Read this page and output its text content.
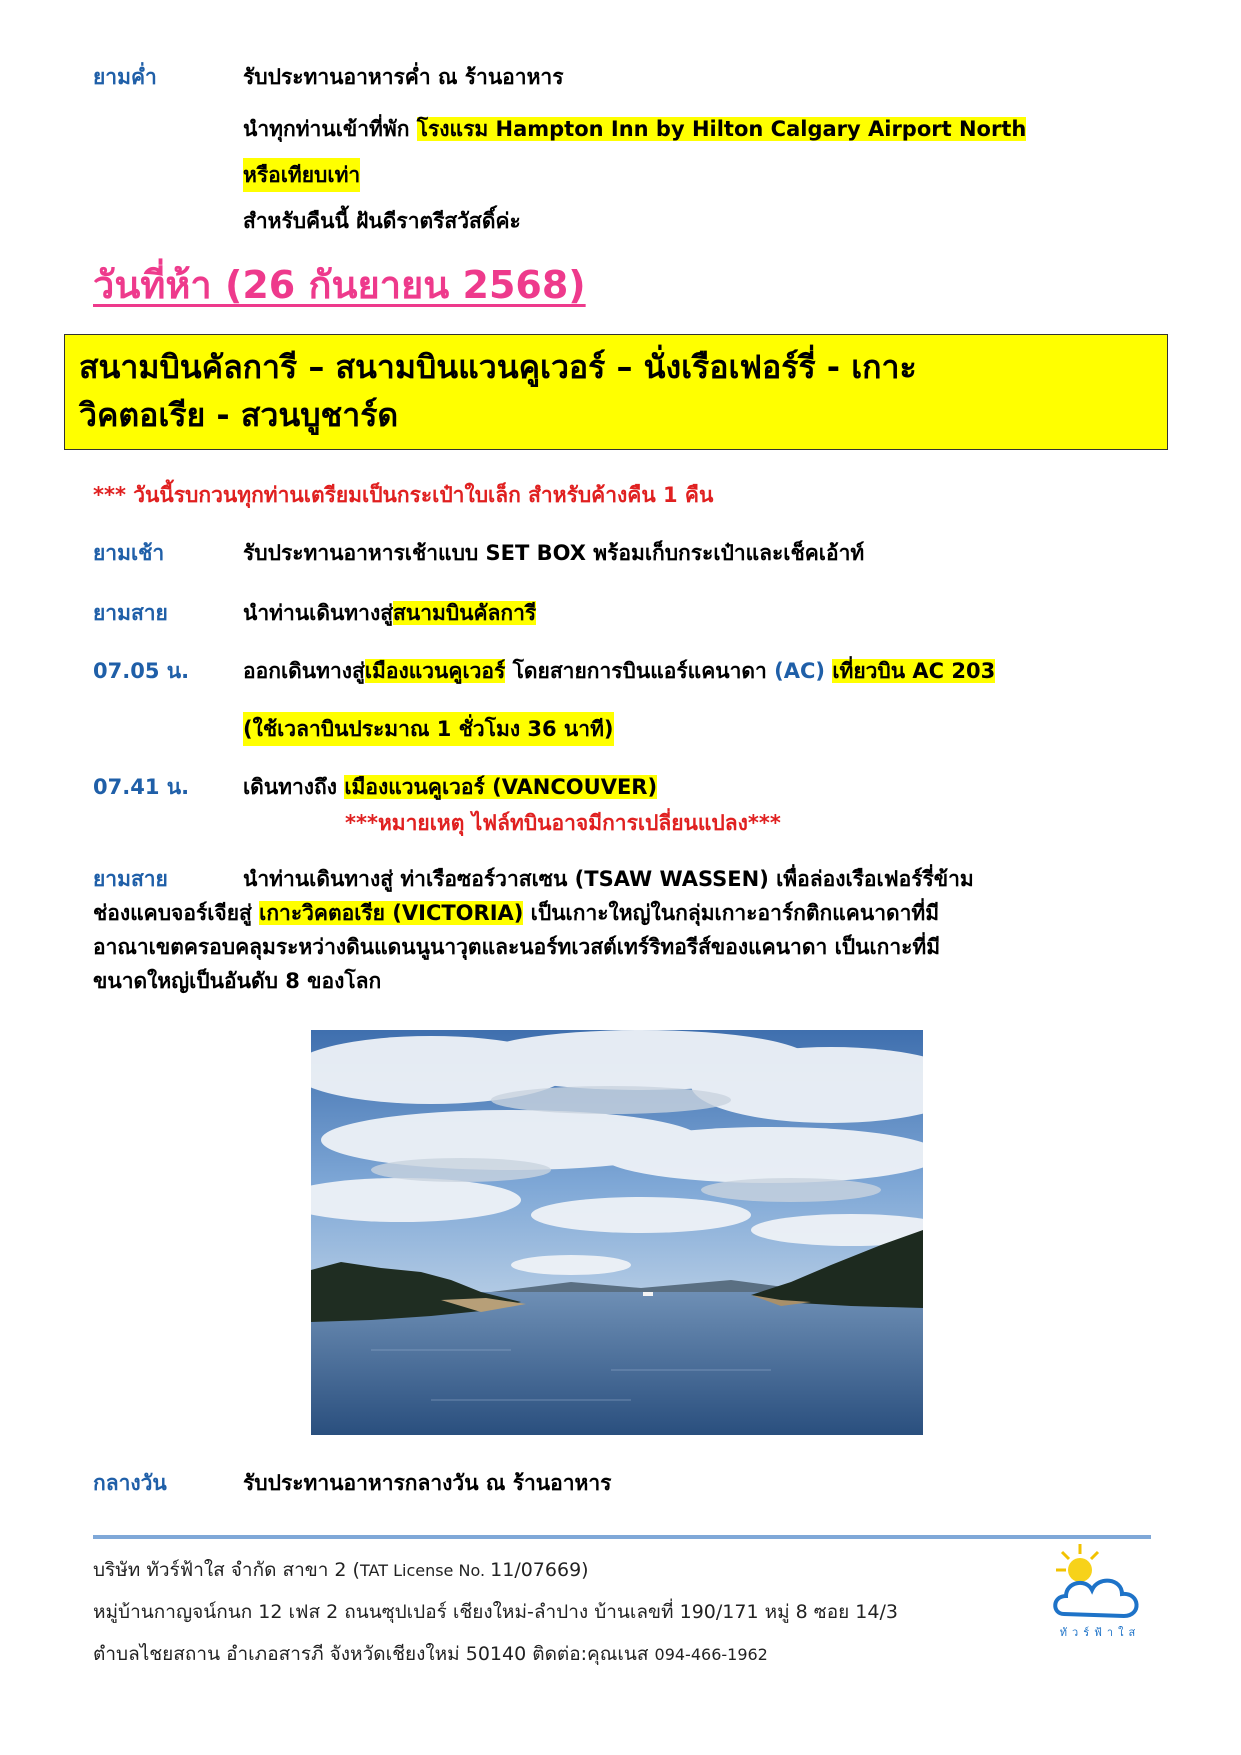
ยามค่ำ	รับประทานอาหารค่ำ ณ ร้านอาหาร
นำทุกท่านเข้าที่พัก โรงแรม Hampton Inn by Hilton Calgary Airport North
หรือเทียบเท่า
สำหรับคืนนี้ ฝันดีราตรีสวัสดิ์ค่ะ
วันที่ห้า (26 กันยายน 2568)
สนามบินคัลการี – สนามบินแวนคูเวอร์ – นั่งเรือเฟอร์รี่ - เกาะ
วิคตอเรีย - สวนบูชาร์ด
*** วันนี้รบกวนทุกท่านเตรียมเป็นกระเป๋าใบเล็ก สำหรับค้างคืน 1 คืน
ยามเช้า	รับประทานอาหารเช้าแบบ SET BOX พร้อมเก็บกระเป๋าและเช็คเอ้าท์
ยามสาย	นำท่านเดินทางสู่สนามบินคัลการี
07.05 น.	ออกเดินทางสู่เมืองแวนคูเวอร์ โดยสายการบินแอร์แคนาดา (AC) เที่ยวบิน AC 203
(ใช้เวลาบินประมาณ 1 ชั่วโมง 36 นาที)
07.41 น.	เดินทางถึง เมืองแวนคูเวอร์ (VANCOUVER)
***หมายเหตุ ไฟล์ทบินอาจมีการเปลี่ยนแปลง***
ยามสาย	นำท่านเดินทางสู่ ท่าเรือซอร์วาสเซน (TSAW WASSEN) เพื่อล่องเรือเฟอร์รี่ข้าม
ช่องแคบจอร์เจียสู่ เกาะวิคตอเรีย (VICTORIA) เป็นเกาะใหญ่ในกลุ่มเกาะอาร์กติกแคนาดาที่มี
อาณาเขตครอบคลุมระหว่างดินแดนนูนาวุตและนอร์ทเวสต์เทร์ริทอรีส์ของแคนาดา เป็นเกาะที่มี
ขนาดใหญ่เป็นอันดับ 8 ของโลก
กลางวัน	รับประทานอาหารกลางวัน ณ ร้านอาหาร
บริษัท ทัวร์ฟ้าใส จำกัด สาขา 2 (TAT License No. 11/07669)
หมู่บ้านกาญจน์กนก 12 เฟส 2 ถนนซุปเปอร์ เชียงใหม่-ลำปาง บ้านเลขที่ 190/171 หมู่ 8 ซอย 14/3
ตำบลไชยสถาน อำเภอสารภี จังหวัดเชียงใหม่ 50140 ติดต่อ:คุณเนส 094-466-1962
ทัวร์ฟ้าใส
